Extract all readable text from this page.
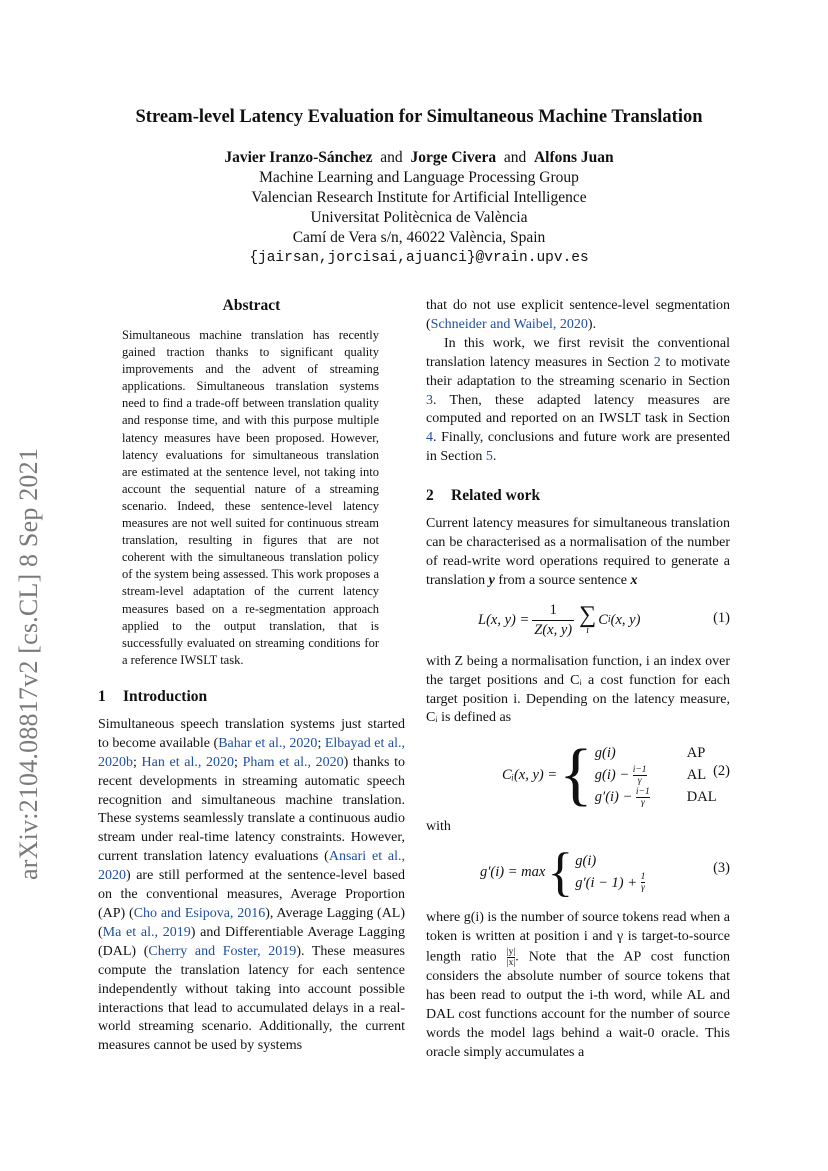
arXiv:2104.08817v2 [cs.CL] 8 Sep 2021
Stream-level Latency Evaluation for Simultaneous Machine Translation
Javier Iranzo-Sánchez and Jorge Civera and Alfons Juan
Machine Learning and Language Processing Group
Valencian Research Institute for Artificial Intelligence
Universitat Politècnica de València
Camí de Vera s/n, 46022 València, Spain
{jairsan,jorcisai,ajuanci}@vrain.upv.es
Abstract
Simultaneous machine translation has recently gained traction thanks to significant quality improvements and the advent of streaming applications. Simultaneous translation systems need to find a trade-off between translation quality and response time, and with this purpose multiple latency measures have been proposed. However, latency evaluations for simultaneous translation are estimated at the sentence level, not taking into account the sequential nature of a streaming scenario. Indeed, these sentence-level latency measures are not well suited for continuous stream translation, resulting in figures that are not coherent with the simultaneous translation policy of the system being assessed. This work proposes a stream-level adaptation of the current latency measures based on a re-segmentation approach applied to the output translation, that is successfully evaluated on streaming conditions for a reference IWSLT task.
1 Introduction

Simultaneous speech translation systems just started to become available (Bahar et al., 2020; Elbayad et al., 2020b; Han et al., 2020; Pham et al., 2020) thanks to recent developments in streaming automatic speech recognition and simultaneous machine translation. These systems seamlessly translate a continuous audio stream under real-time latency constraints. However, current translation latency evaluations (Ansari et al., 2020) are still performed at the sentence-level based on the conventional measures, Average Proportion (AP) (Cho and Esipova, 2016), Average Lagging (AL) (Ma et al., 2019) and Differentiable Average Lagging (DAL) (Cherry and Foster, 2019). These measures compute the translation latency for each sentence independently without taking into account possible interactions that lead to accumulated delays in a real-world streaming scenario. Additionally, the current measures cannot be used by systems

that do not use explicit sentence-level segmentation (Schneider and Waibel, 2020).

In this work, we first revisit the conventional translation latency measures in Section 2 to motivate their adaptation to the streaming scenario in Section 3. Then, these adapted latency measures are computed and reported on an IWSLT task in Section 4. Finally, conclusions and future work are presented in Section 5.

2 Related work

Current latency measures for simultaneous translation can be characterised as a normalisation of the number of read-write word operations required to generate a translation y from a source sentence x

L(x, $y) = \frac{1}{Z(x, y)}$ ∑
i
C i (x, y)	(1)

with Z being a normalisation function, i an index over the target positions and Cᵢ a cost function for each target position i. Depending on the latency measure, Cᵢ is defined as

Cᵢ(x, y) = { g(i)	AP
$g(i) - \frac{i-1}{\gamma}$	AL
$g'(i) - \frac{i-1}{\gamma}$	DAL
(2)

with

g′(i) = max { g(i)
g′(i − 1) +
$\frac{1}{\gamma}$
(3)

where g(i) is the number of source tokens read when a token is written at position i and γ is target-to-source length ratio $\frac{|y|}{|x|}$. Note that the AP cost function considers the absolute number of source tokens that has been read to output the i-th word, while AL and DAL cost functions account for the number of source words the model lags behind a wait-0 oracle. This oracle simply accumulates a
